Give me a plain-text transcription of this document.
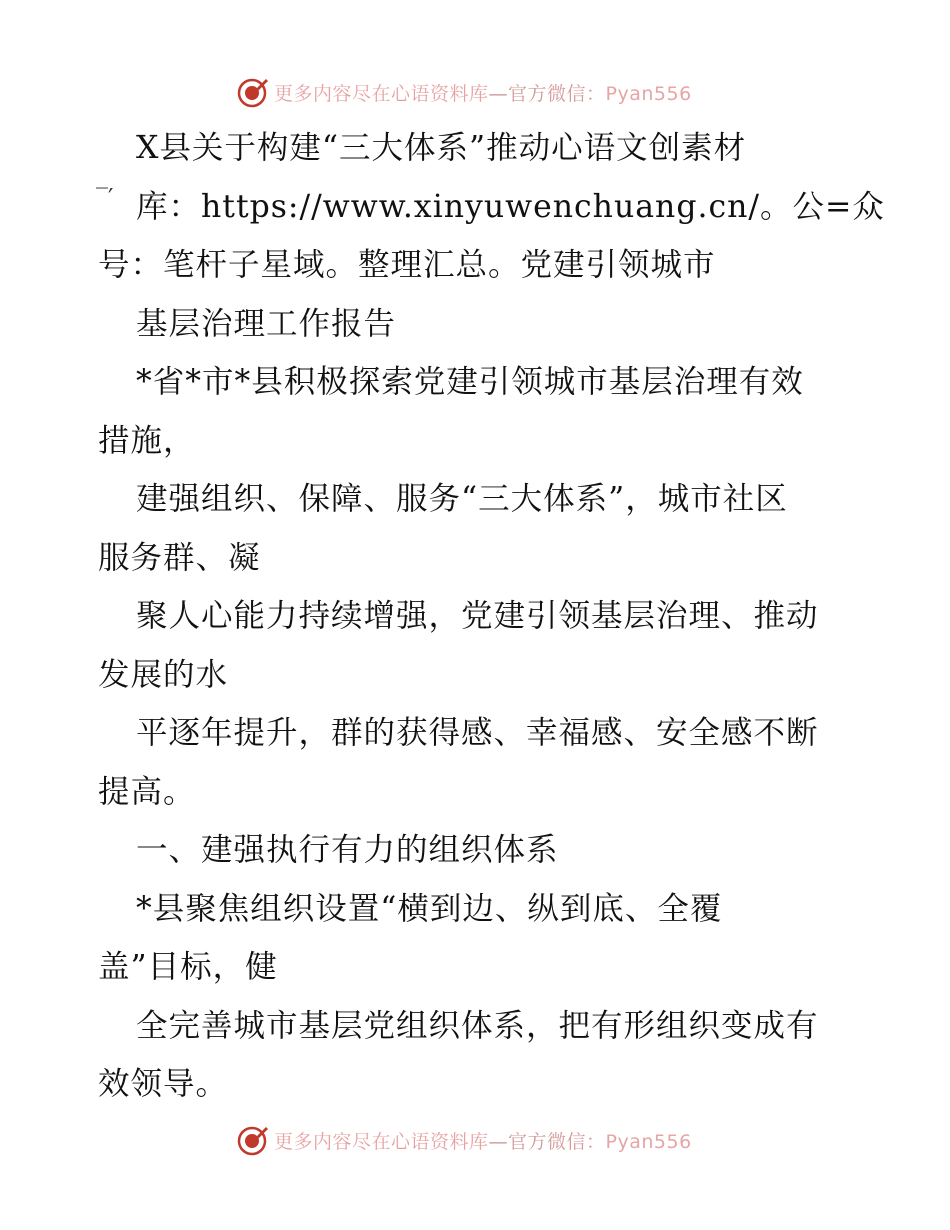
更多内容尽在心语资料库—官方微信：Pyan556
‾′
X县关于构建“三大体系”推动心语文创素材
库：https://www.xinyuwenchuang.cn/。公=众
号：笔杆子星域。整理汇总。党建引领城市
基层治理工作报告
*省*市*县积极探索党建引领城市基层治理有效
措施，
建强组织、保障、服务“三大体系”，城市社区
服务群、凝
聚人心能力持续增强，党建引领基层治理、推动
发展的水
平逐年提升，群的获得感、幸福感、安全感不断
提高。
一、建强执行有力的组织体系
*县聚焦组织设置“横到边、纵到底、全覆
盖”目标，健
全完善城市基层党组织体系，把有形组织变成有
效领导。
更多内容尽在心语资料库—官方微信：Pyan556
